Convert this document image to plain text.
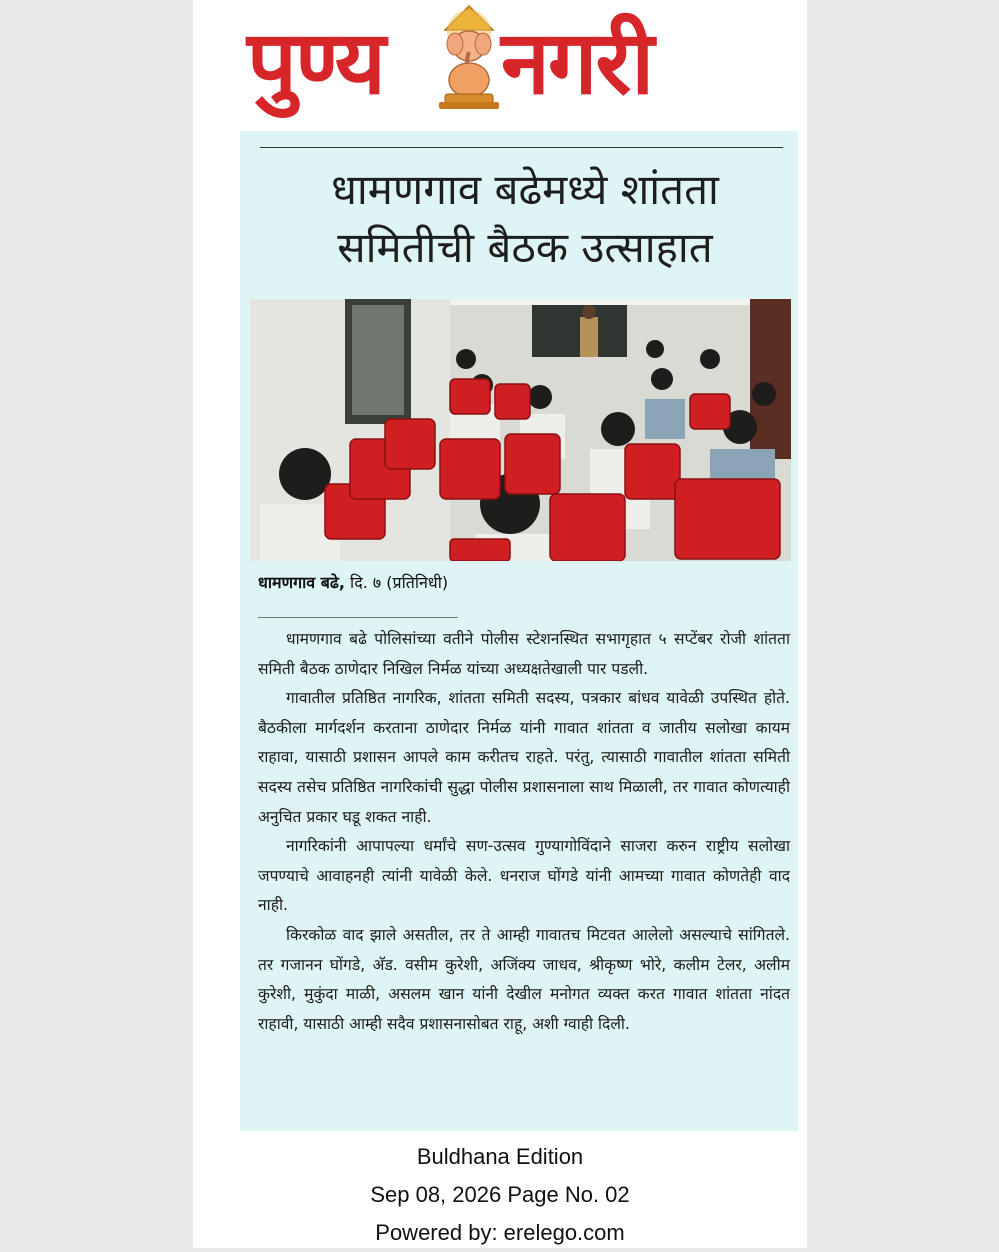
पुण्य नगरी
धामणगाव बढेमध्ये शांतता
समितीची बैठक उत्साहात
धामणगाव बढे, दि. ७ (प्रतिनिधी)

धामणगाव बढे पोलिसांच्या वतीने पोलीस स्टेशनस्थित सभागृहात ५ सप्टेंबर रोजी शांतता समिती बैठक ठाणेदार निखिल निर्मळ यांच्या अध्यक्षतेखाली पार पडली.

गावातील प्रतिष्ठित नागरिक, शांतता समिती सदस्य, पत्रकार बांधव यावेळी उपस्थित होते. बैठकीला मार्गदर्शन करताना ठाणेदार निर्मळ यांनी गावात शांतता व जातीय सलोखा कायम राहावा, यासाठी प्रशासन आपले काम करीतच राहते. परंतु, त्यासाठी गावातील शांतता समिती सदस्य तसेच प्रतिष्ठित नागरिकांची सुद्धा पोलीस प्रशासनाला साथ मिळाली, तर गावात कोणत्याही अनुचित प्रकार घडू शकत नाही.

नागरिकांनी आपापल्या धर्मांचे सण-उत्सव गुण्यागोविंदाने साजरा करुन राष्ट्रीय सलोखा जपण्याचे आवाहनही त्यांनी यावेळी केले. धनराज घोंगडे यांनी आमच्या गावात कोणतेही वाद नाही.

किरकोळ वाद झाले असतील, तर ते आम्ही गावातच मिटवत आलेलो असल्याचे सांगितले. तर गजानन घोंगडे, अ‍ॅड. वसीम कुरेशी, अजिंक्य जाधव, श्रीकृष्ण भोरे, कलीम टेलर, अलीम कुरेशी, मुकुंदा माळी, असलम खान यांनी देखील मनोगत व्यक्त करत गावात शांतता नांदत राहावी, यासाठी आम्ही सदैव प्रशासनासोबत राहू, अशी ग्वाही दिली.

Buldhana Edition
Sep 08, 2026 Page No. 02
Powered by: erelego.com
